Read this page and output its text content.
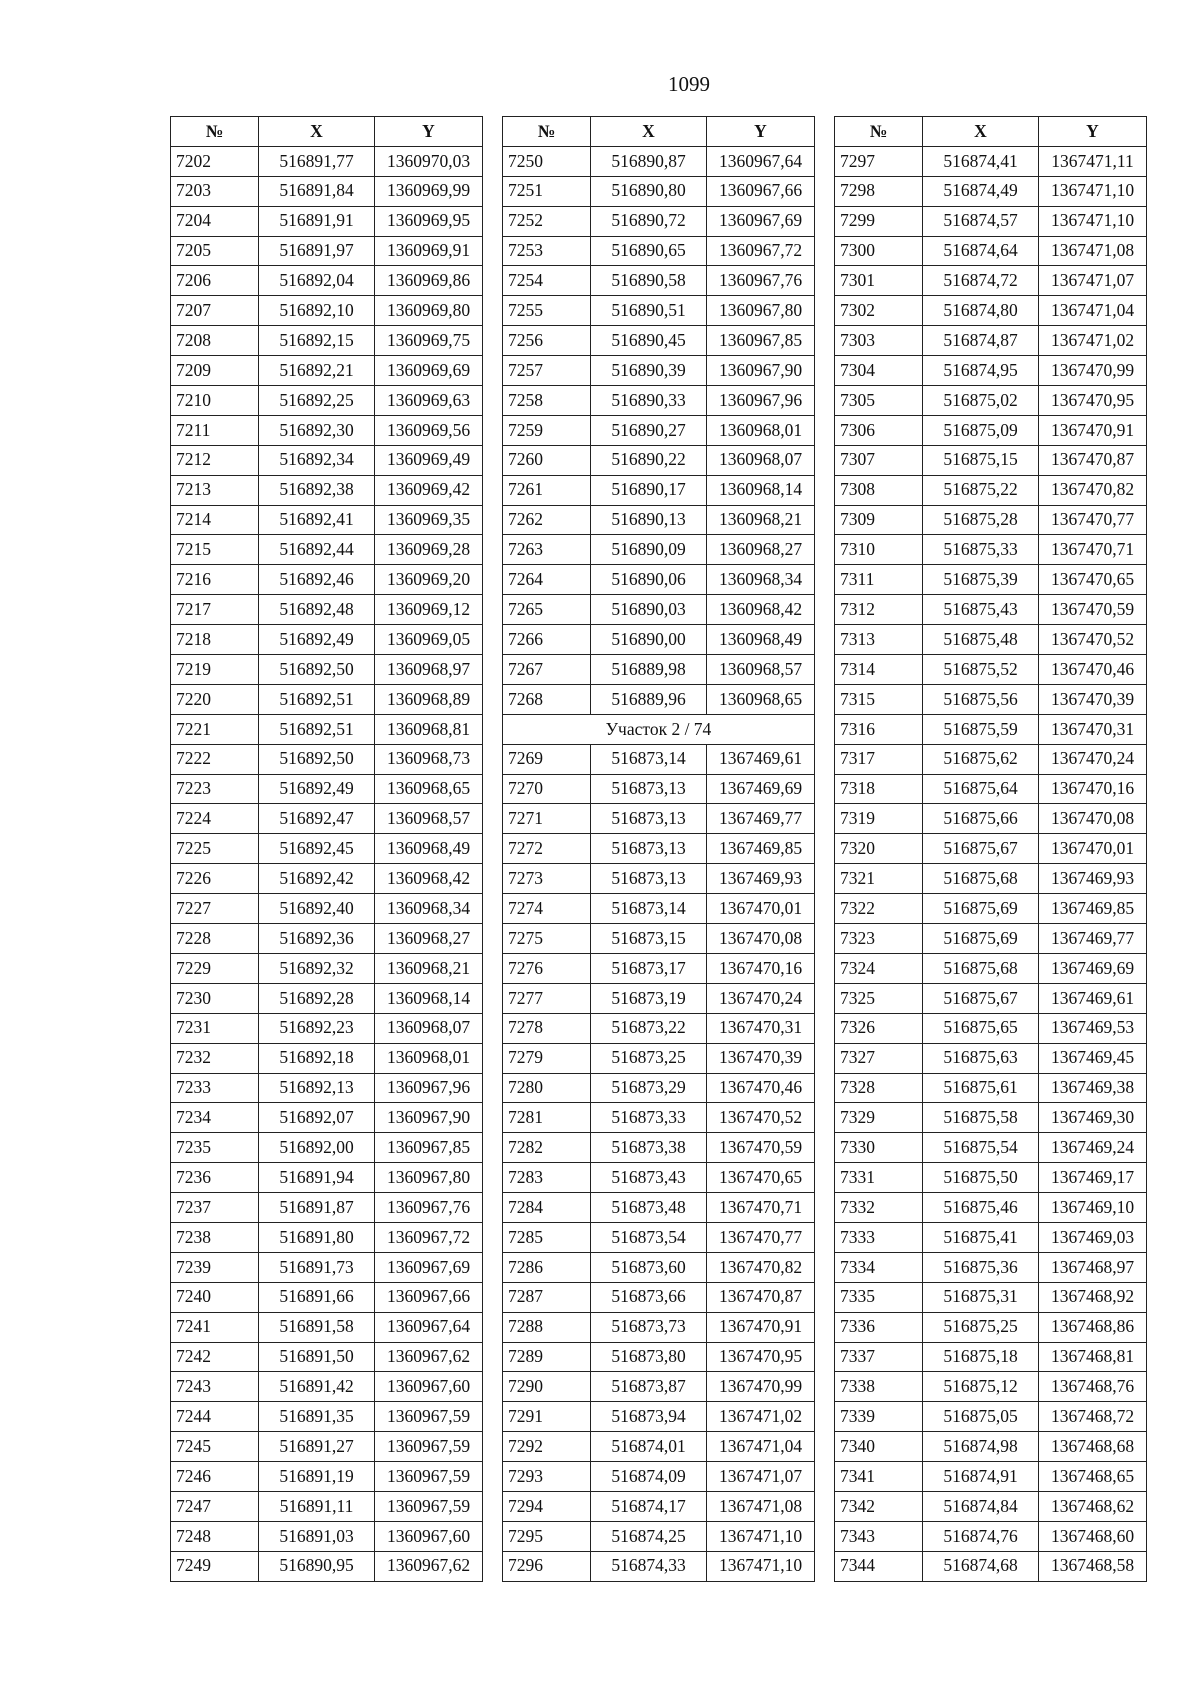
1099
№	X	Y
7202	516891,77	1360970,03
7203	516891,84	1360969,99
7204	516891,91	1360969,95
7205	516891,97	1360969,91
7206	516892,04	1360969,86
7207	516892,10	1360969,80
7208	516892,15	1360969,75
7209	516892,21	1360969,69
7210	516892,25	1360969,63
7211	516892,30	1360969,56
7212	516892,34	1360969,49
7213	516892,38	1360969,42
7214	516892,41	1360969,35
7215	516892,44	1360969,28
7216	516892,46	1360969,20
7217	516892,48	1360969,12
7218	516892,49	1360969,05
7219	516892,50	1360968,97
7220	516892,51	1360968,89
7221	516892,51	1360968,81
7222	516892,50	1360968,73
7223	516892,49	1360968,65
7224	516892,47	1360968,57
7225	516892,45	1360968,49
7226	516892,42	1360968,42
7227	516892,40	1360968,34
7228	516892,36	1360968,27
7229	516892,32	1360968,21
7230	516892,28	1360968,14
7231	516892,23	1360968,07
7232	516892,18	1360968,01
7233	516892,13	1360967,96
7234	516892,07	1360967,90
7235	516892,00	1360967,85
7236	516891,94	1360967,80
7237	516891,87	1360967,76
7238	516891,80	1360967,72
7239	516891,73	1360967,69
7240	516891,66	1360967,66
7241	516891,58	1360967,64
7242	516891,50	1360967,62
7243	516891,42	1360967,60
7244	516891,35	1360967,59
7245	516891,27	1360967,59
7246	516891,19	1360967,59
7247	516891,11	1360967,59
7248	516891,03	1360967,60
7249	516890,95	1360967,62
№	X	Y
7250	516890,87	1360967,64
7251	516890,80	1360967,66
7252	516890,72	1360967,69
7253	516890,65	1360967,72
7254	516890,58	1360967,76
7255	516890,51	1360967,80
7256	516890,45	1360967,85
7257	516890,39	1360967,90
7258	516890,33	1360967,96
7259	516890,27	1360968,01
7260	516890,22	1360968,07
7261	516890,17	1360968,14
7262	516890,13	1360968,21
7263	516890,09	1360968,27
7264	516890,06	1360968,34
7265	516890,03	1360968,42
7266	516890,00	1360968,49
7267	516889,98	1360968,57
7268	516889,96	1360968,65
Участок 2 / 74		
7269	516873,14	1367469,61
7270	516873,13	1367469,69
7271	516873,13	1367469,77
7272	516873,13	1367469,85
7273	516873,13	1367469,93
7274	516873,14	1367470,01
7275	516873,15	1367470,08
7276	516873,17	1367470,16
7277	516873,19	1367470,24
7278	516873,22	1367470,31
7279	516873,25	1367470,39
7280	516873,29	1367470,46
7281	516873,33	1367470,52
7282	516873,38	1367470,59
7283	516873,43	1367470,65
7284	516873,48	1367470,71
7285	516873,54	1367470,77
7286	516873,60	1367470,82
7287	516873,66	1367470,87
7288	516873,73	1367470,91
7289	516873,80	1367470,95
7290	516873,87	1367470,99
7291	516873,94	1367471,02
7292	516874,01	1367471,04
7293	516874,09	1367471,07
7294	516874,17	1367471,08
7295	516874,25	1367471,10
7296	516874,33	1367471,10
№	X	Y
7297	516874,41	1367471,11
7298	516874,49	1367471,10
7299	516874,57	1367471,10
7300	516874,64	1367471,08
7301	516874,72	1367471,07
7302	516874,80	1367471,04
7303	516874,87	1367471,02
7304	516874,95	1367470,99
7305	516875,02	1367470,95
7306	516875,09	1367470,91
7307	516875,15	1367470,87
7308	516875,22	1367470,82
7309	516875,28	1367470,77
7310	516875,33	1367470,71
7311	516875,39	1367470,65
7312	516875,43	1367470,59
7313	516875,48	1367470,52
7314	516875,52	1367470,46
7315	516875,56	1367470,39
7316	516875,59	1367470,31
7317	516875,62	1367470,24
7318	516875,64	1367470,16
7319	516875,66	1367470,08
7320	516875,67	1367470,01
7321	516875,68	1367469,93
7322	516875,69	1367469,85
7323	516875,69	1367469,77
7324	516875,68	1367469,69
7325	516875,67	1367469,61
7326	516875,65	1367469,53
7327	516875,63	1367469,45
7328	516875,61	1367469,38
7329	516875,58	1367469,30
7330	516875,54	1367469,24
7331	516875,50	1367469,17
7332	516875,46	1367469,10
7333	516875,41	1367469,03
7334	516875,36	1367468,97
7335	516875,31	1367468,92
7336	516875,25	1367468,86
7337	516875,18	1367468,81
7338	516875,12	1367468,76
7339	516875,05	1367468,72
7340	516874,98	1367468,68
7341	516874,91	1367468,65
7342	516874,84	1367468,62
7343	516874,76	1367468,60
7344	516874,68	1367468,58
